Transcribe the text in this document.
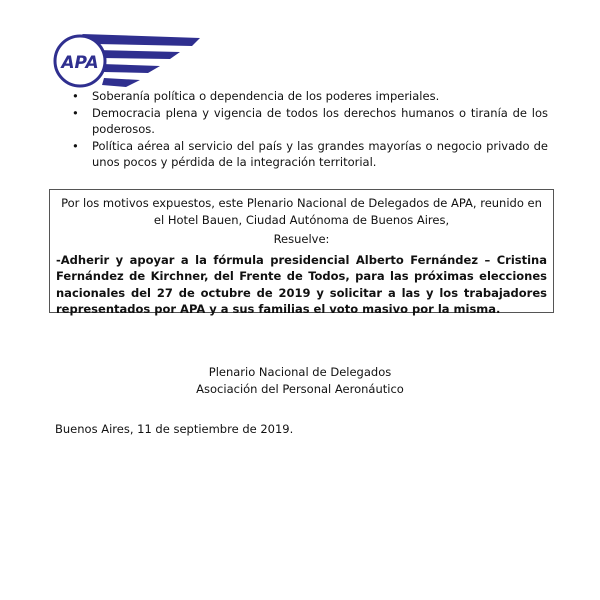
APA
• Soberanía política o dependencia de los poderes imperiales.
• Democracia plena y vigencia de todos los derechos humanos o tiranía de los poderosos.
• Política aérea al servicio del país y las grandes mayorías o negocio privado de unos pocos y pérdida de la integración territorial.

Por los motivos expuestos, este Plenario Nacional de Delegados de APA, reunido en el Hotel Bauen, Ciudad Autónoma de Buenos Aires,

Resuelve:

-Adherir y apoyar a la fórmula presidencial Alberto Fernández – Cristina Fernández de Kirchner, del Frente de Todos, para las próximas elecciones nacionales del 27 de octubre de 2019 y solicitar a las y los trabajadores representados por APA y a sus familias el voto masivo por la misma.

Plenario Nacional de Delegados
Asociación del Personal Aeronáutico
Buenos Aires, 11 de septiembre de 2019.
